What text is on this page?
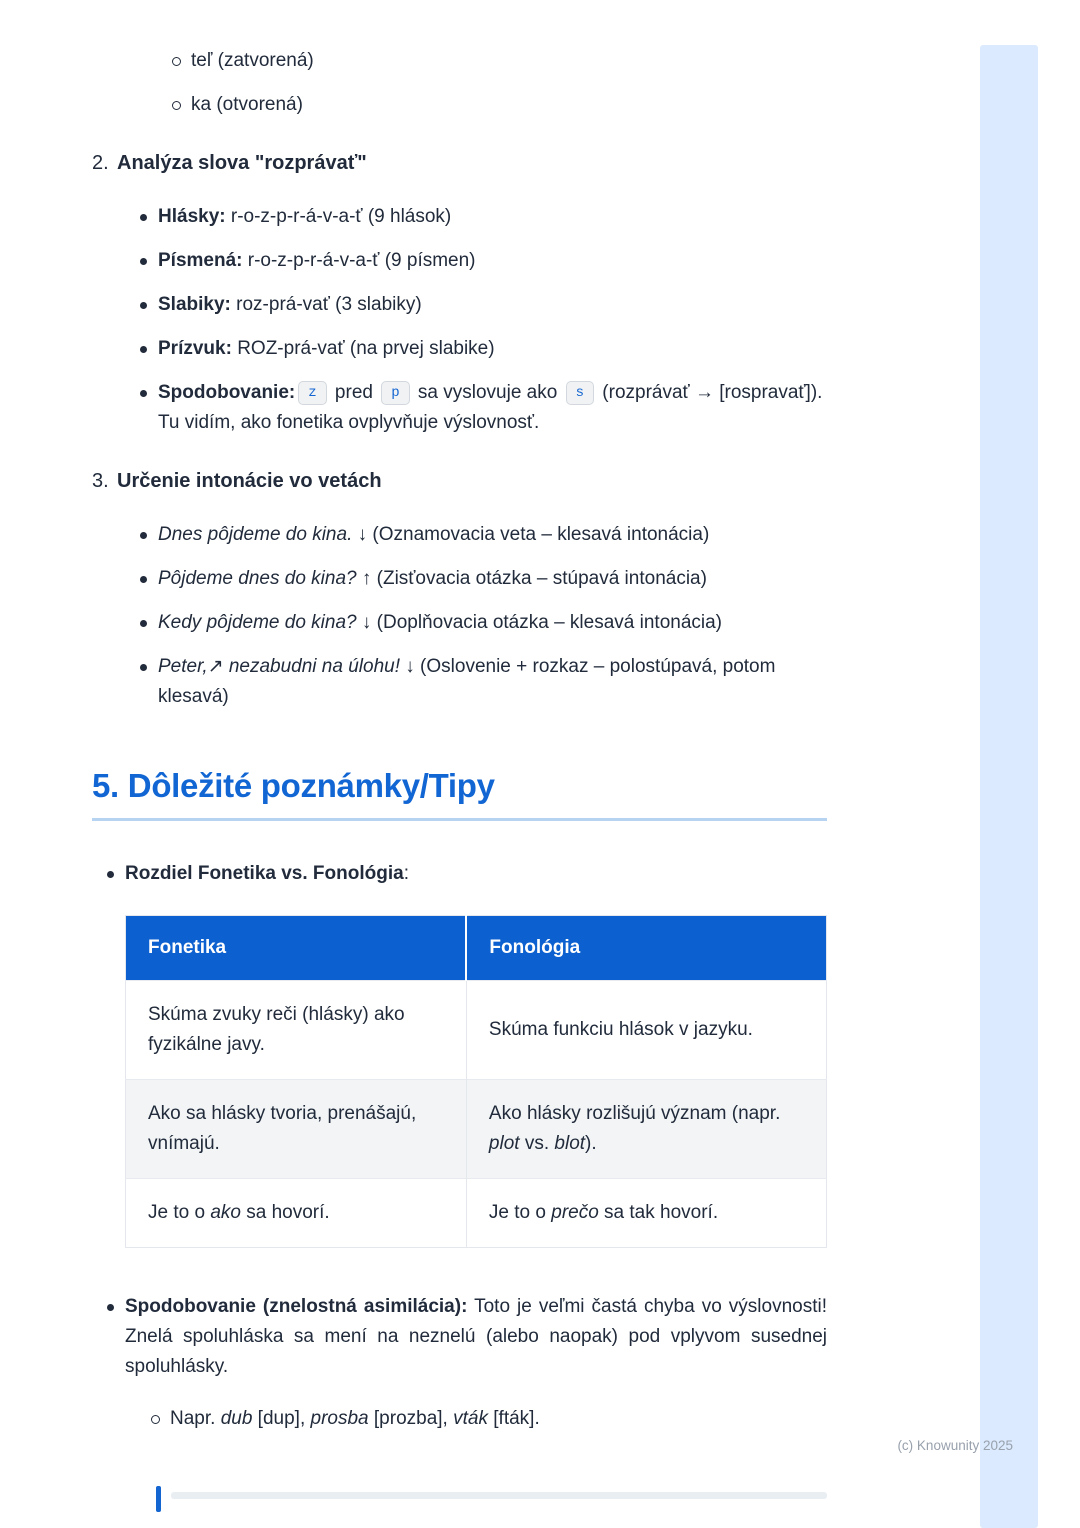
teľ (zatvorená)
ka (otvorená)
2. Analýza slova "rozprávať"
Hlásky: r-o-z-p-r-á-v-a-ť (9 hlások)
Písmená: r-o-z-p-r-á-v-a-ť (9 písmen)
Slabiky: roz-prá-vať (3 slabiky)
Prízvuk: ROZ-prá-vať (na prvej slabike)
Spodobovanie: z pred p sa vyslovuje ako s (rozprávať → [rospravať]). Tu vidím, ako fonetika ovplyvňuje výslovnosť.
3. Určenie intonácie vo vetách
Dnes pôjdeme do kina. ↓ (Oznamovacia veta – klesavá intonácia)
Pôjdeme dnes do kina? ↑ (Zisťovacia otázka – stúpavá intonácia)
Kedy pôjdeme do kina? ↓ (Doplňovacia otázka – klesavá intonácia)
Peter,↗ nezabudni na úlohu! ↓ (Oslovenie + rozkaz – polostúpavá, potom klesavá)
5. Dôležité poznámky/Tipy
Rozdiel Fonetika vs. Fonológia:
Fonetika	Fonológia
Skúma zvuky reči (hlásky) ako fyzikálne javy.	Skúma funkciu hlások v jazyku.
Ako sa hlásky tvoria, prenášajú, vnímajú.	Ako hlásky rozlišujú význam (napr. plot vs. blot).
Je to o ako sa hovorí.	Je to o prečo sa tak hovorí.
Spodobovanie (znelostná asimilácia): Toto je veľmi častá chyba vo výslovnosti! Znelá spoluhláska sa mení na neznelú (alebo naopak) pod vplyvom susednej spoluhlásky.
Napr. dub [dup], prosba [prozba], vták [fták].
(c) Knowunity 2025
